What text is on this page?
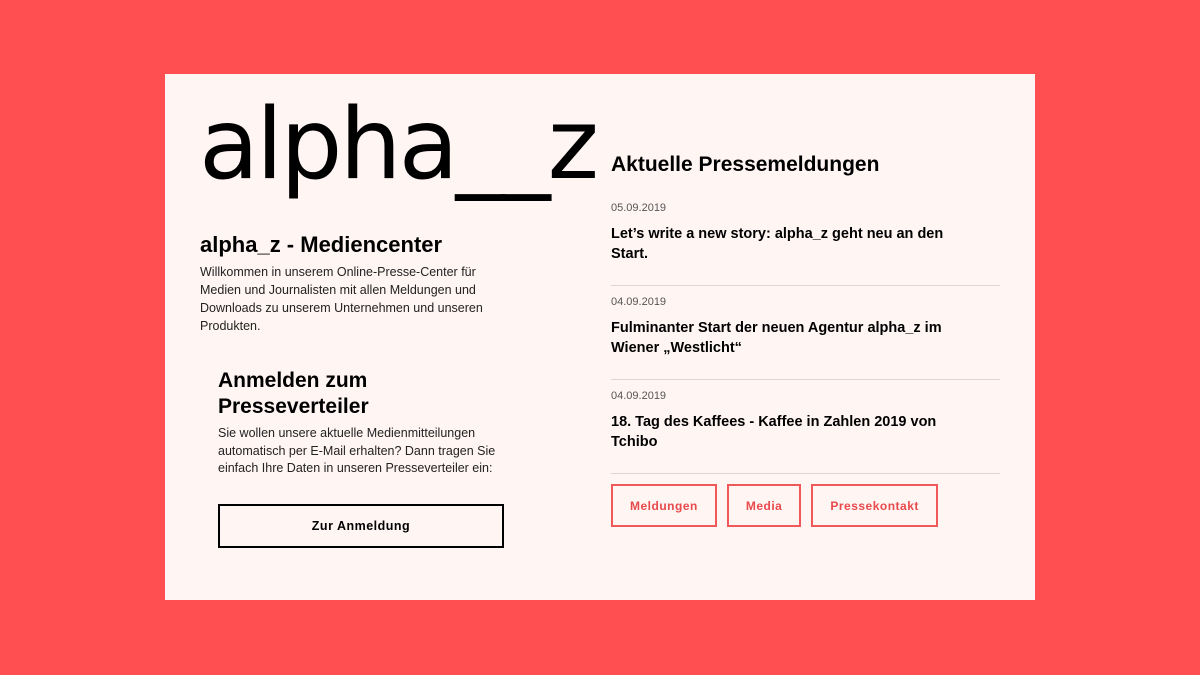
alpha__z
alpha_z - Mediencenter

Willkommen in unserem Online-Presse-Center für Medien und Journalisten mit allen Meldungen und Downloads zu unserem Unternehmen und unseren Produkten.

Anmelden zum Presseverteiler

Sie wollen unsere aktuelle Medienmitteilungen automatisch per E-Mail erhalten? Dann tragen Sie einfach Ihre Daten in unseren Presseverteiler ein:

Zur Anmeldung
Aktuelle Pressemeldungen
05.09.2019
Let’s write a new story: alpha_z geht neu an den Start.
04.09.2019
Fulminanter Start der neuen Agentur alpha_z im Wiener „Westlicht“
04.09.2019
18. Tag des Kaffees - Kaffee in Zahlen 2019 von Tchibo
Meldungen	Media	Pressekontakt
